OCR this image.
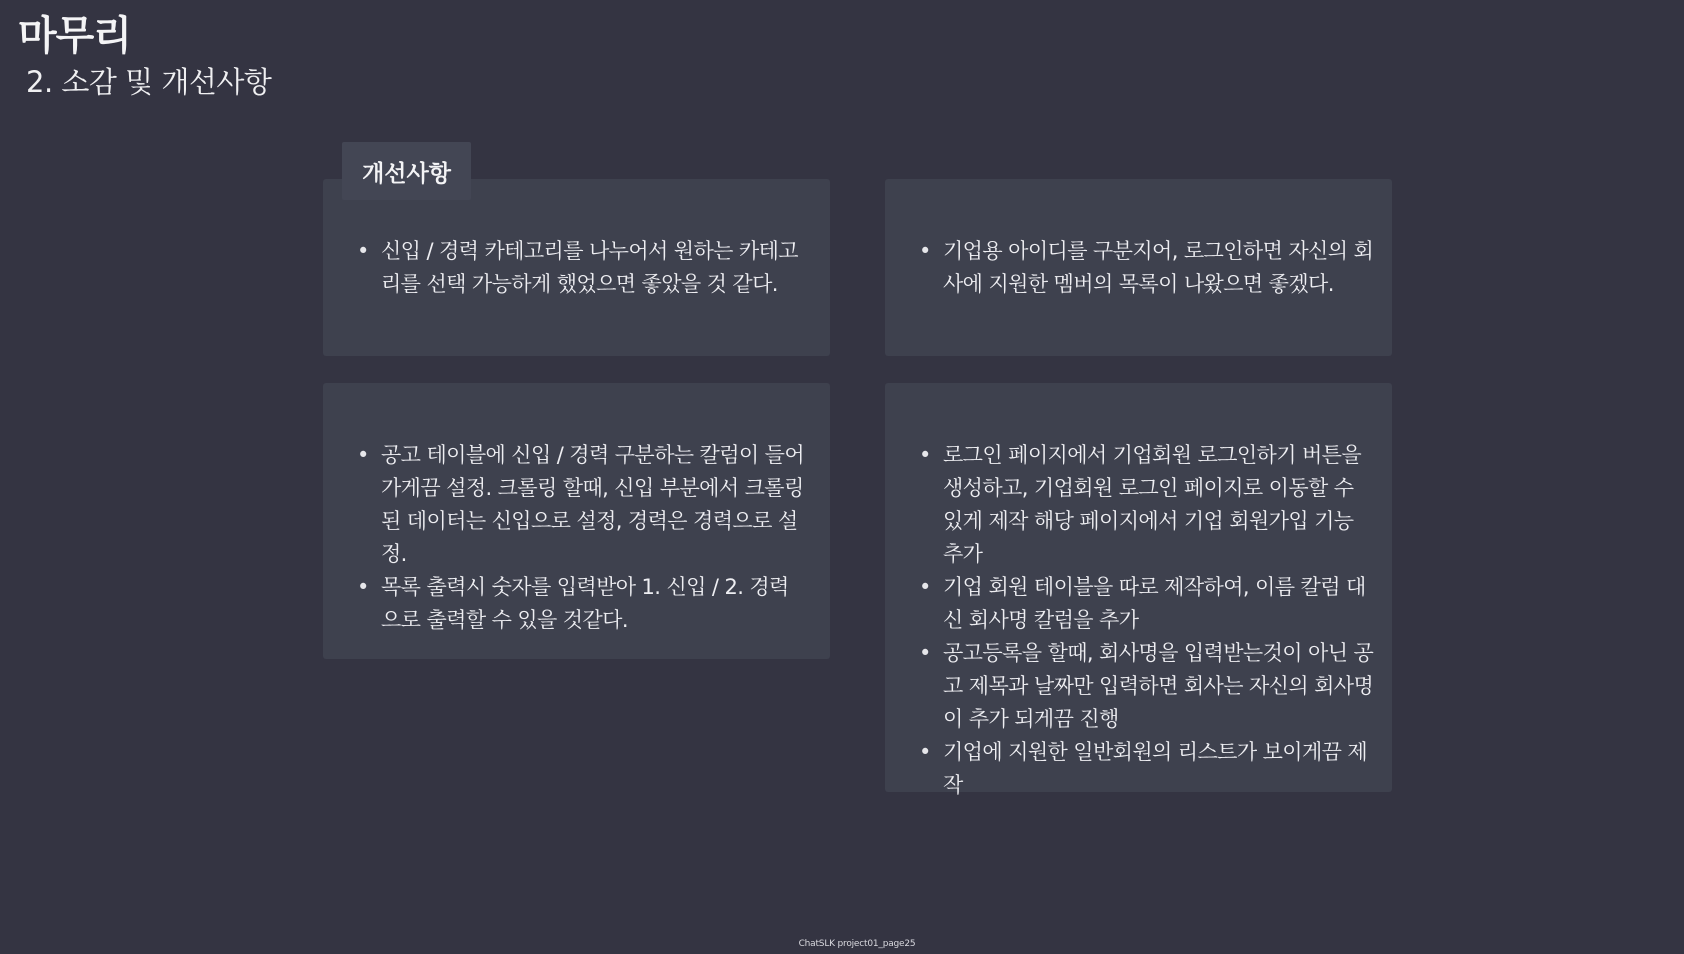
마무리
2. 소감 및 개선사항
개선사항
• 신입 / 경력 카테고리를 나누어서 원하는 카테고리를 선택 가능하게 했었으면 좋았을 것 같다.
• 기업용 아이디를 구분지어, 로그인하면 자신의 회사에 지원한 멤버의 목록이 나왔으면 좋겠다.
• 공고 테이블에 신입 / 경력 구분하는 칼럼이 들어가게끔 설정. 크롤링 할때, 신입 부분에서 크롤링된 데이터는 신입으로 설정, 경력은 경력으로 설정.
• 목록 출력시 숫자를 입력받아 1. 신입 / 2. 경력 으로 출력할 수 있을 것같다.
• 로그인 페이지에서 기업회원 로그인하기 버튼을 생성하고, 기업회원 로그인 페이지로 이동할 수 있게 제작 해당 페이지에서 기업 회원가입 기능 추가
• 기업 회원 테이블을 따로 제작하여, 이름 칼럼 대신 회사명 칼럼을 추가
• 공고등록을 할때, 회사명을 입력받는것이 아닌 공고 제목과 날짜만 입력하면 회사는 자신의 회사명이 추가 되게끔 진행
• 기업에 지원한 일반회원의 리스트가 보이게끔 제작
ChatSLK project01_page25
